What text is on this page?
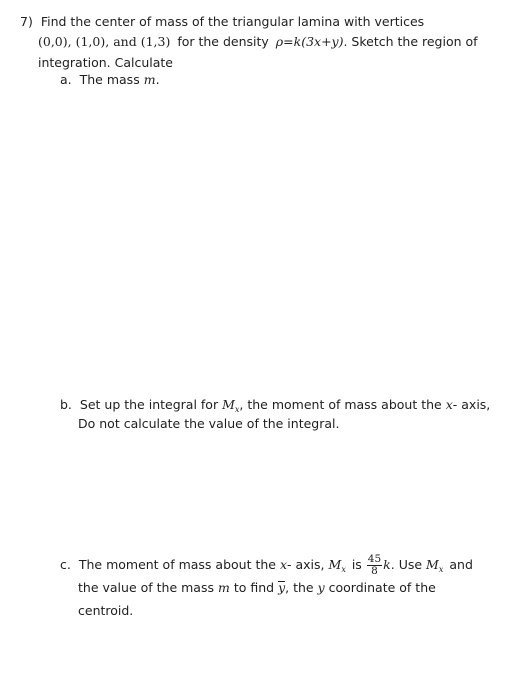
7) Find the center of mass of the triangular lamina with vertices
(0,0), (1,0), and (1,3) for the density ρ=k(3x+y). Sketch the region of
integration. Calculate
a. The mass m.
b. Set up the integral for $M_x$, the moment of mass about the x- axis,
Do not calculate the value of the integral.
c. The moment of mass about the x- axis, $M_x$ is $\frac{45}{8} k$. Use $M_x$ and
the value of the mass m to find y, the y coordinate of the
centroid.
